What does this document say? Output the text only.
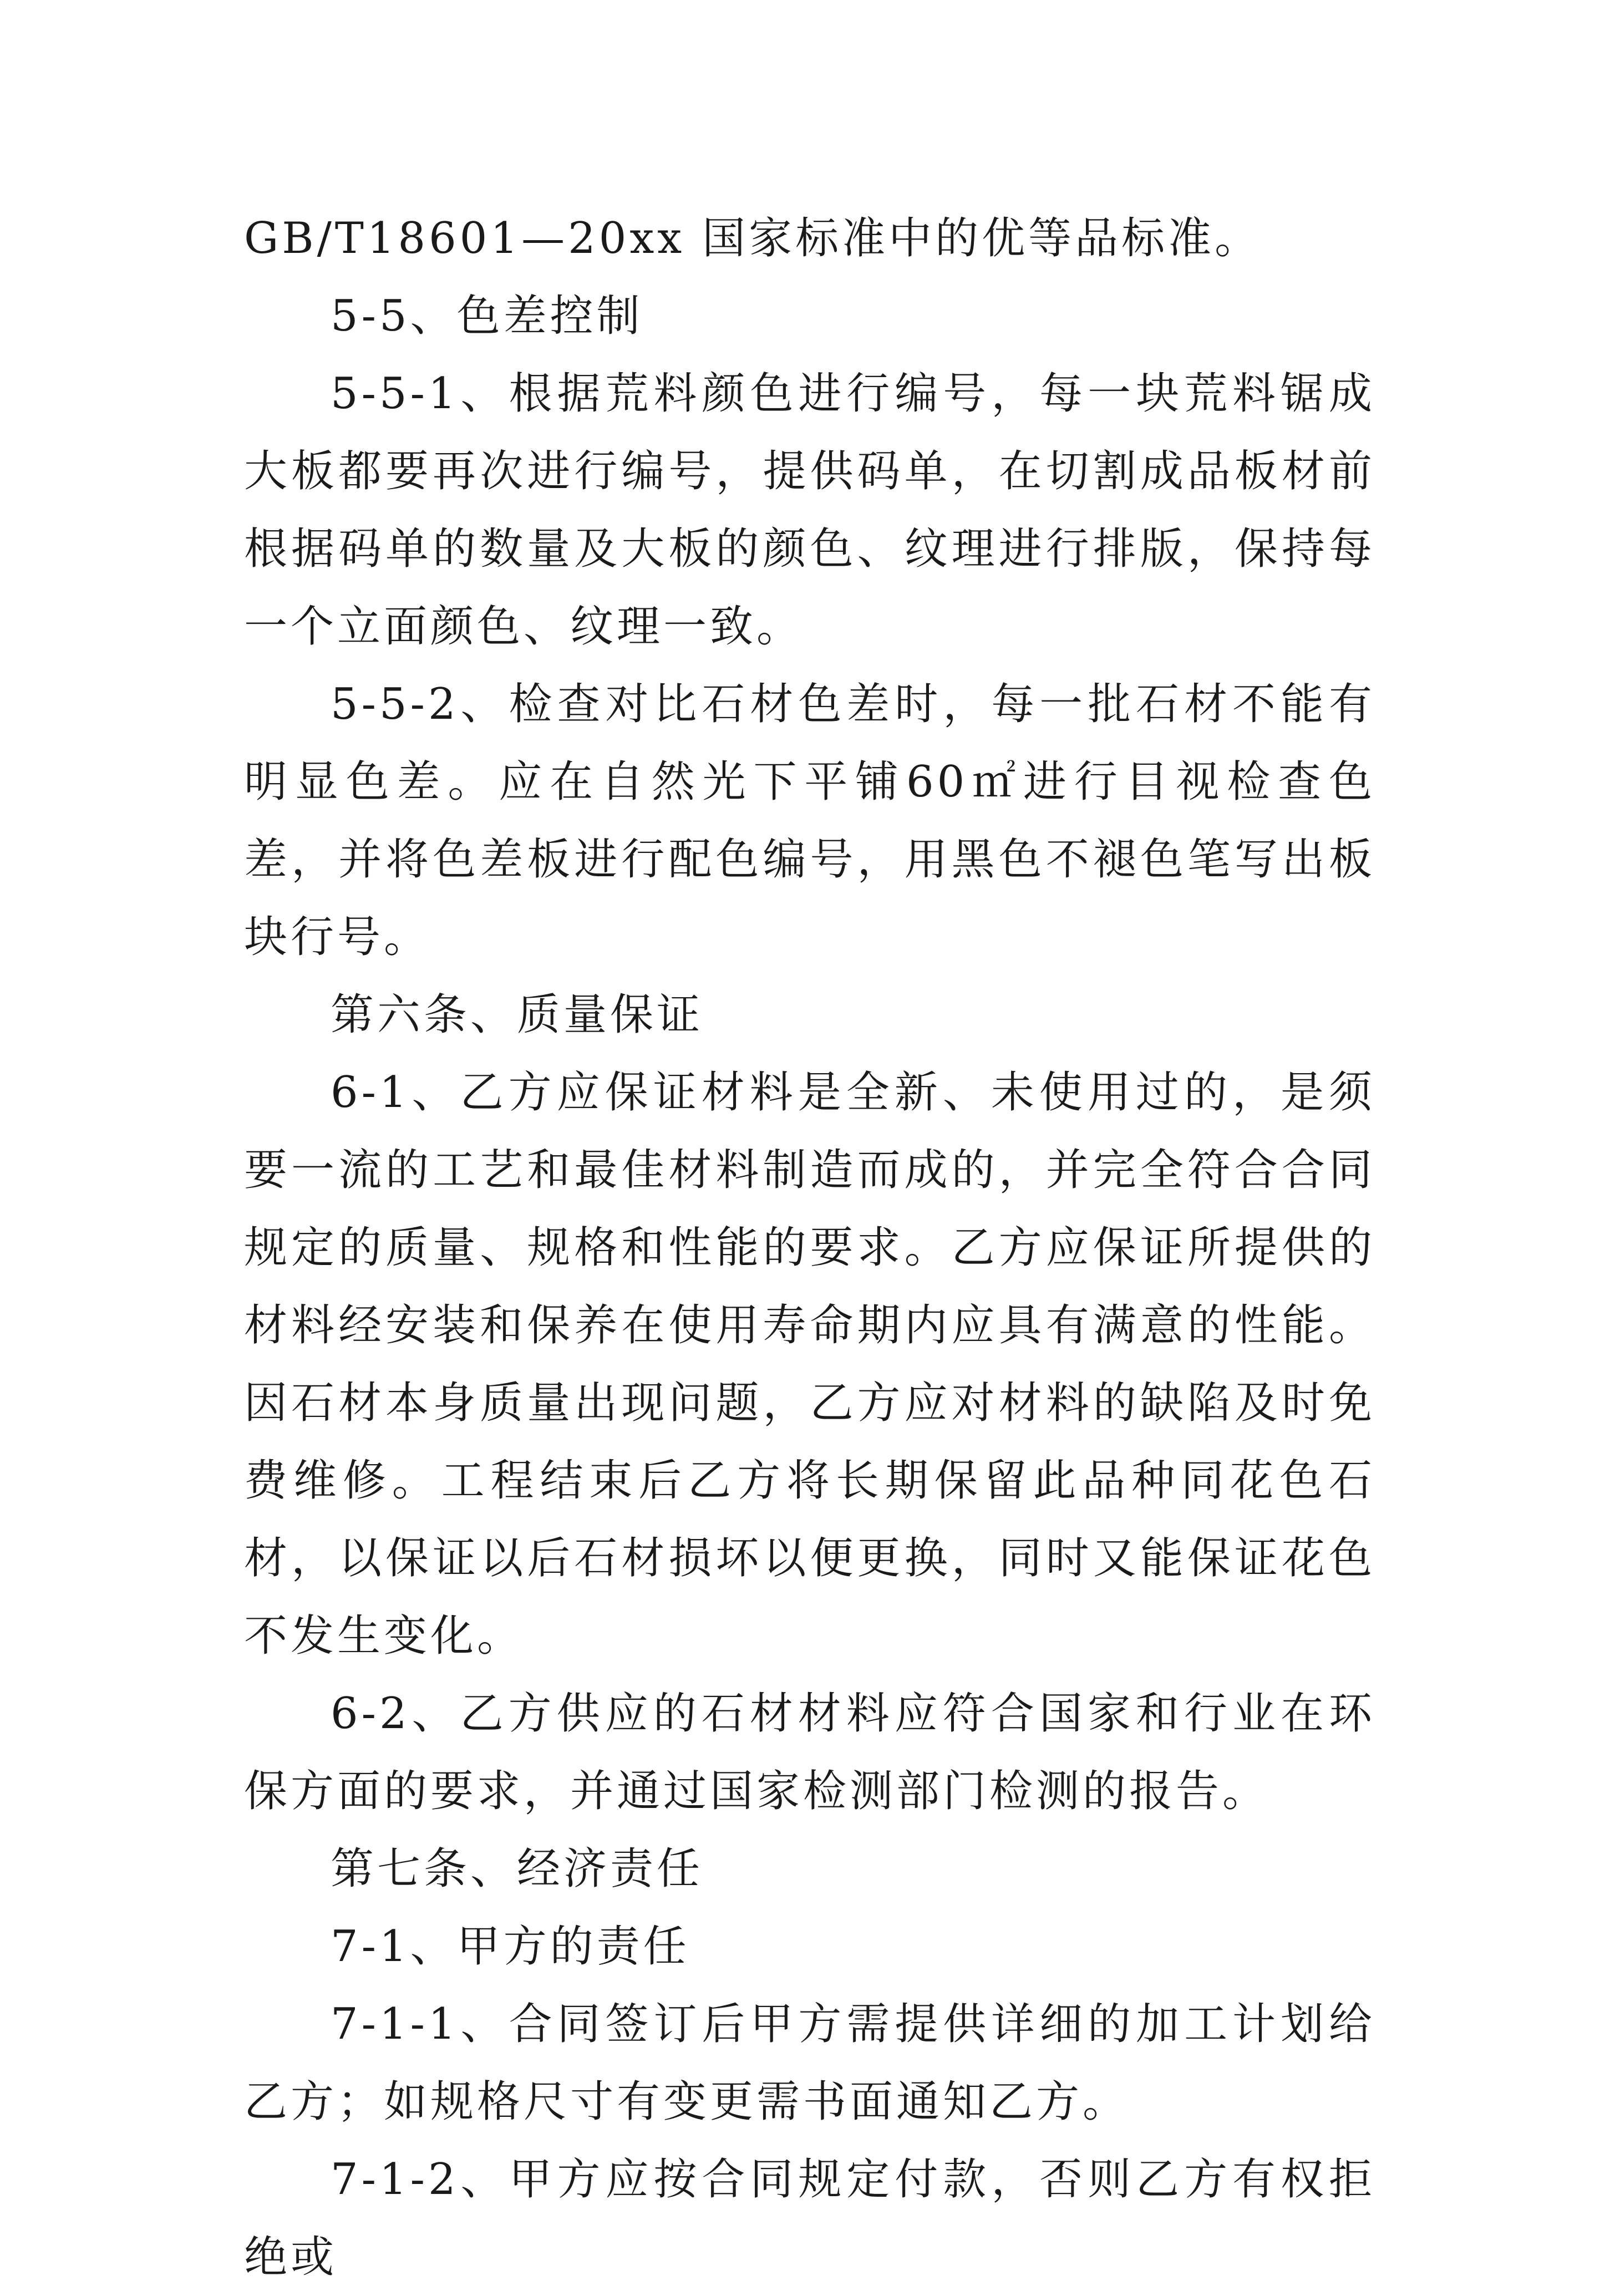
GB/T18601—20xx 国家标准中的优等品标准。

5-5、色差控制

5-5-1、根据荒料颜色进行编号，每一块荒料锯成大板都要再次进行编号，提供码单，在切割成品板材前根据码单的数量及大板的颜色、纹理进行排版，保持每一个立面颜色、纹理一致。

5-5-2、检查对比石材色差时，每一批石材不能有明显色差。应在自然光下平铺60㎡进行目视检查色差，并将色差板进行配色编号，用黑色不褪色笔写出板块行号。

第六条、质量保证

6-1、乙方应保证材料是全新、未使用过的，是须要一流的工艺和最佳材料制造而成的，并完全符合合同规定的质量、规格和性能的要求。乙方应保证所提供的材料经安装和保养在使用寿命期内应具有满意的性能。因石材本身质量出现问题，乙方应对材料的缺陷及时免费维修。工程结束后乙方将长期保留此品种同花色石材，以保证以后石材损坏以便更换，同时又能保证花色不发生变化。

6-2、乙方供应的石材材料应符合国家和行业在环保方面的要求，并通过国家检测部门检测的报告。

第七条、经济责任

7-1、甲方的责任

7-1-1、合同签订后甲方需提供详细的加工计划给乙方；如规格尺寸有变更需书面通知乙方。

7-1-2、甲方应按合同规定付款，否则乙方有权拒绝或
